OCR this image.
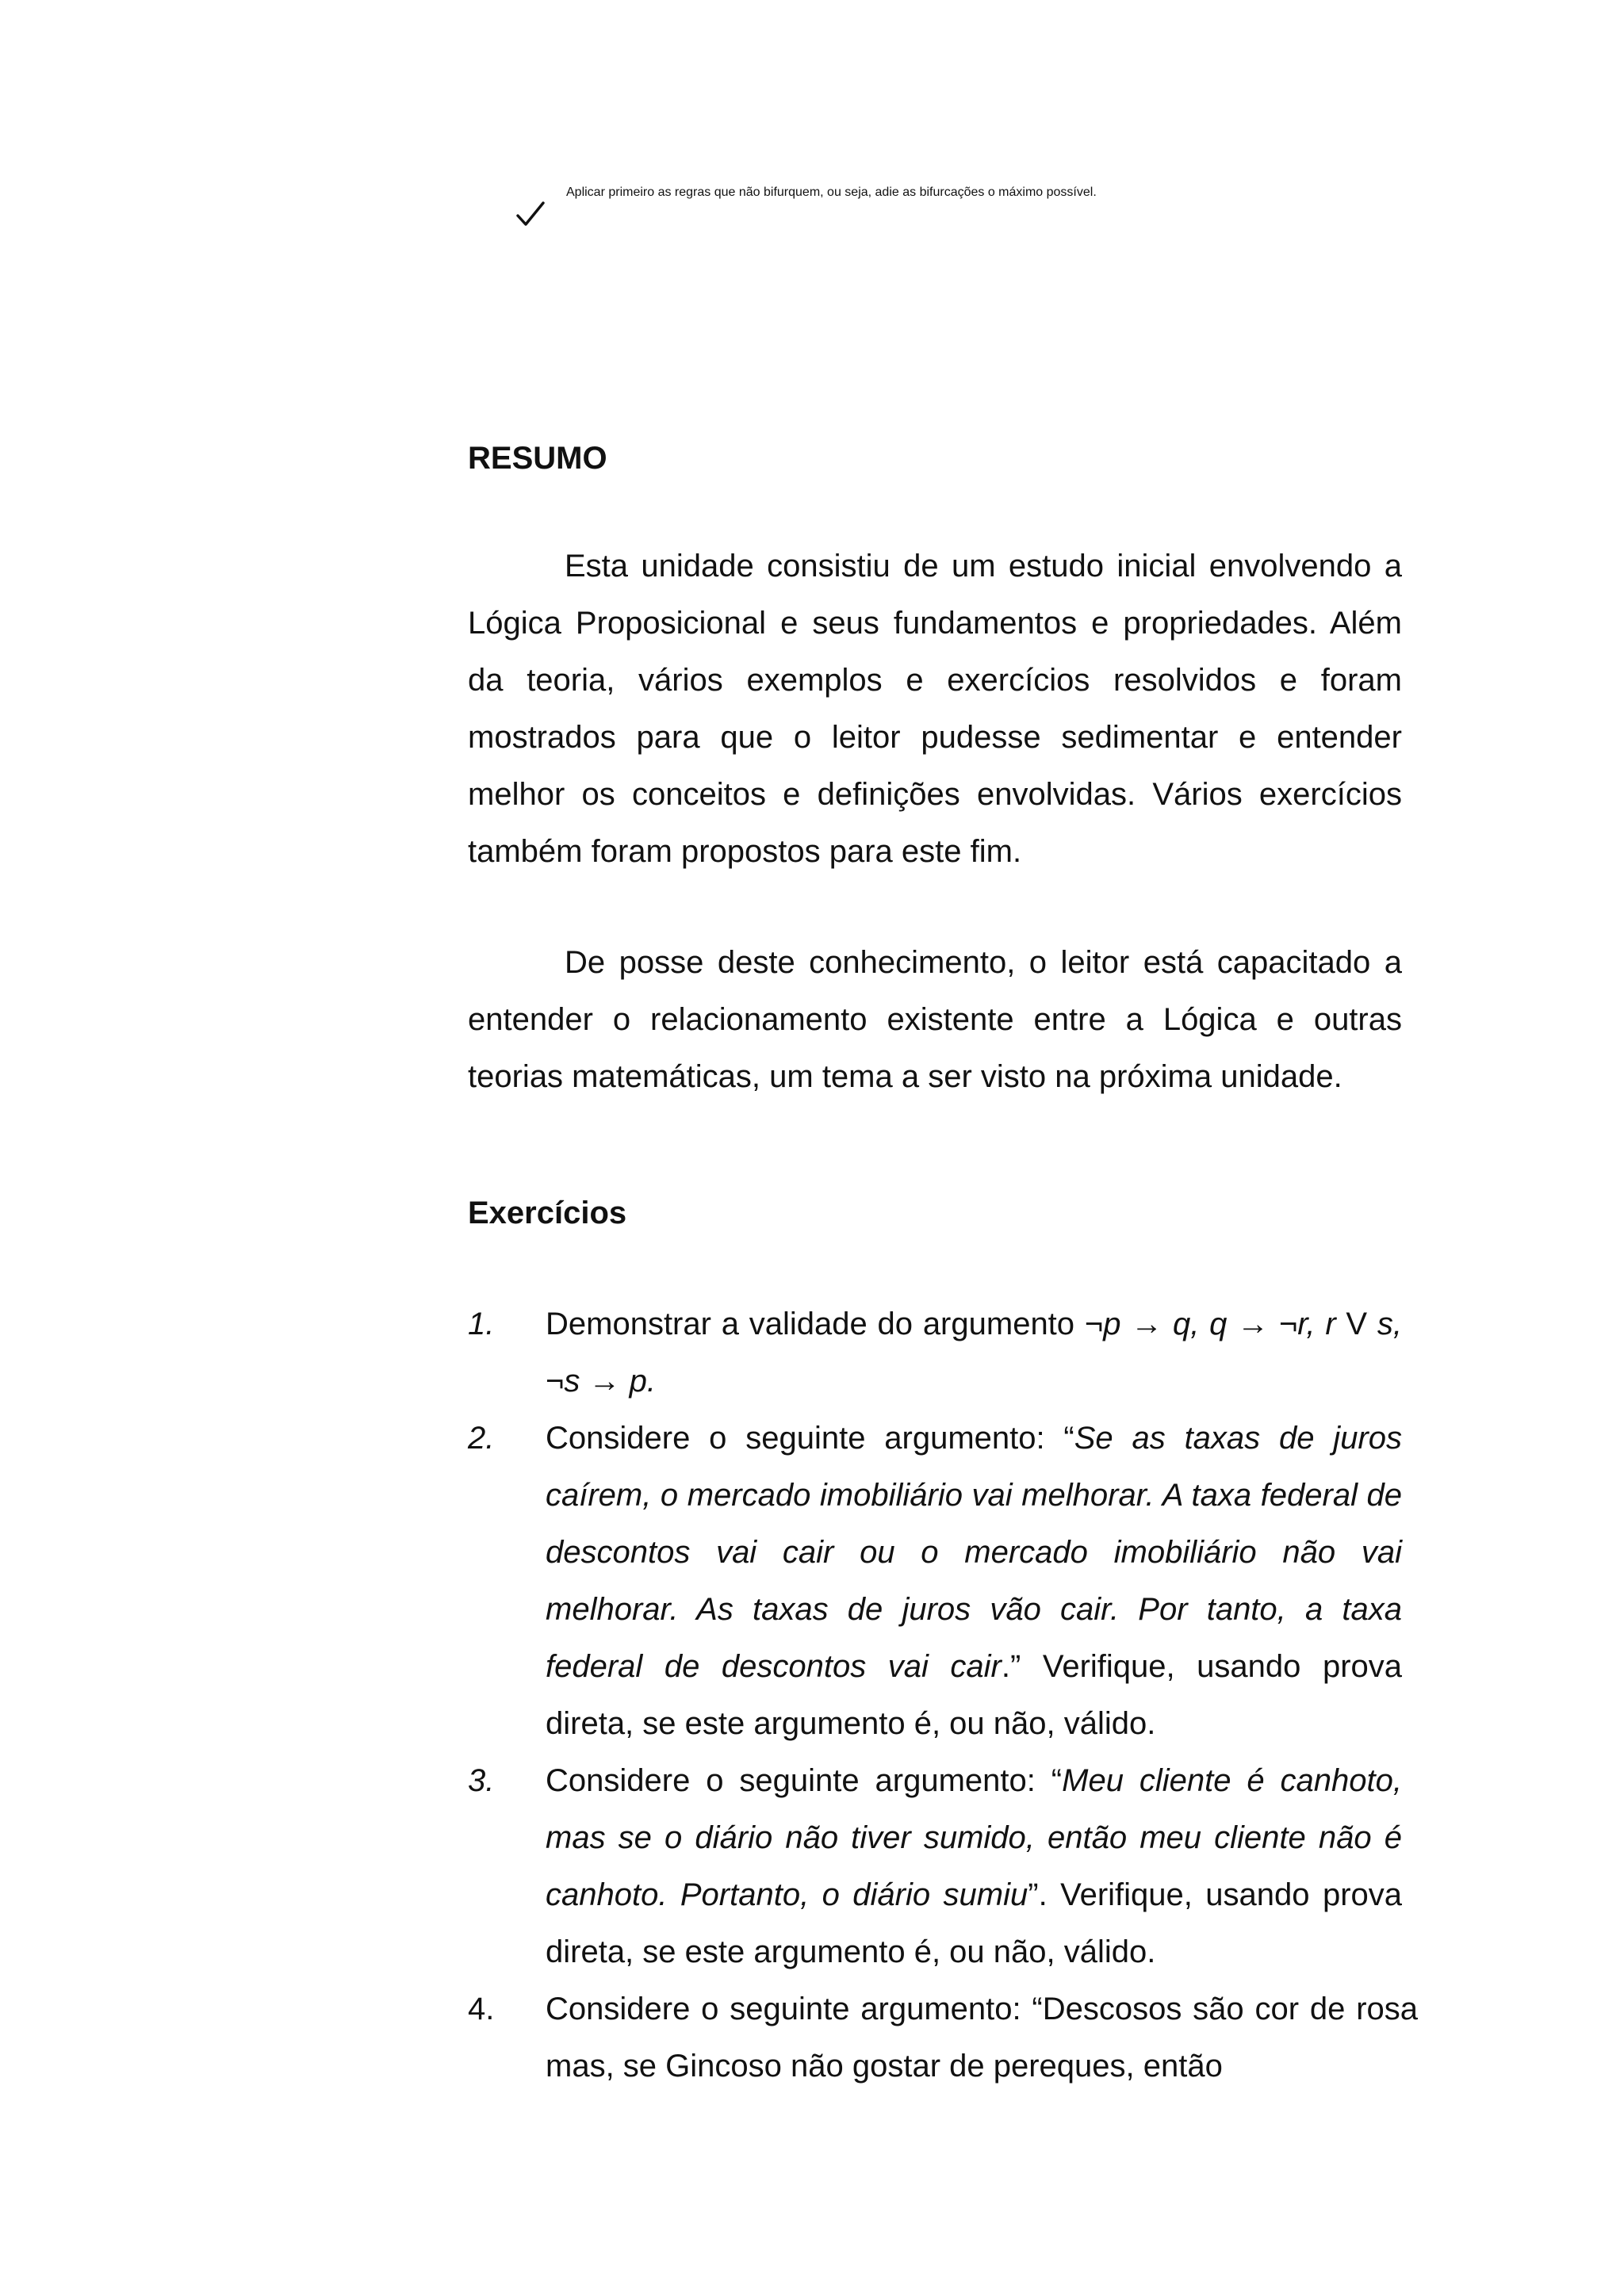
Aplicar primeiro as regras que não bifurquem, ou seja, adie as bifurcações o máximo possível.
RESUMO
Esta unidade consistiu de um estudo inicial envolvendo a Lógica Proposicional e seus fundamentos e propriedades. Além da teoria, vários exemplos e exercícios resolvidos e foram mostrados para que o leitor pudesse sedimentar e entender melhor os conceitos e definições envolvidas. Vários exercícios também foram propostos para este fim.
De posse deste conhecimento, o leitor está capacitado a entender o relacionamento existente entre a Lógica e outras teorias matemáticas, um tema a ser visto na próxima unidade.
Exercícios
1. Demonstrar a validade do argumento ¬p → q, q → ¬r, r V s, ¬s → p.
2. Considere o seguinte argumento: “Se as taxas de juros caírem, o mercado imobiliário vai melhorar. A taxa federal de descontos vai cair ou o mercado imobiliário não vai melhorar. As taxas de juros vão cair. Por tanto, a taxa federal de descontos vai cair.” Verifique, usando prova direta, se este argumento é, ou não, válido.
3. Considere o seguinte argumento: “Meu cliente é canhoto, mas se o diário não tiver sumido, então meu cliente não é canhoto. Portanto, o diário sumiu”. Verifique, usando prova direta, se este argumento é, ou não, válido.
4. Considere o seguinte argumento: “Descosos são cor de rosa mas, se Gincoso não gostar de pereques, então
